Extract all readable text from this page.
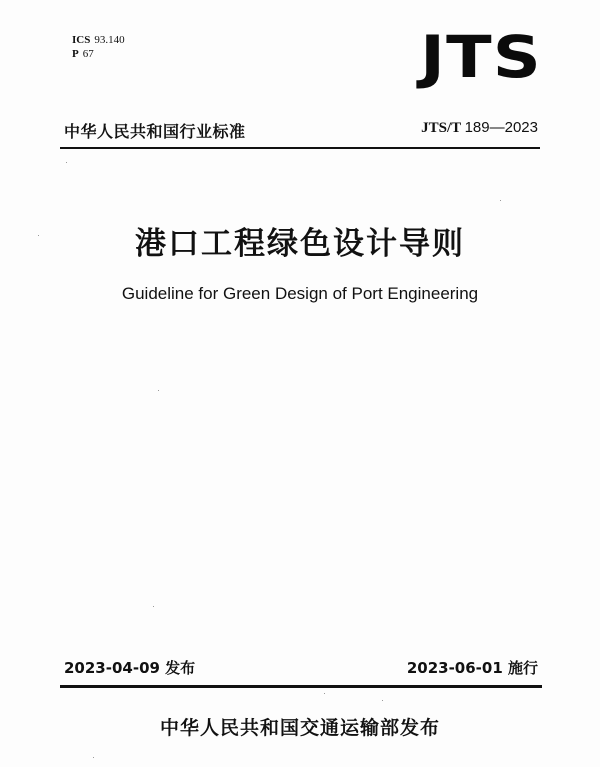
ICS 93.140
P 67	JTS
中华人民共和国行业标准	JTS/T 189—2023
港口工程绿色设计导则
Guideline for Green Design of Port Engineering
2023-04-09 发布	2023-06-01 施行
中华人民共和国交通运输部发布
